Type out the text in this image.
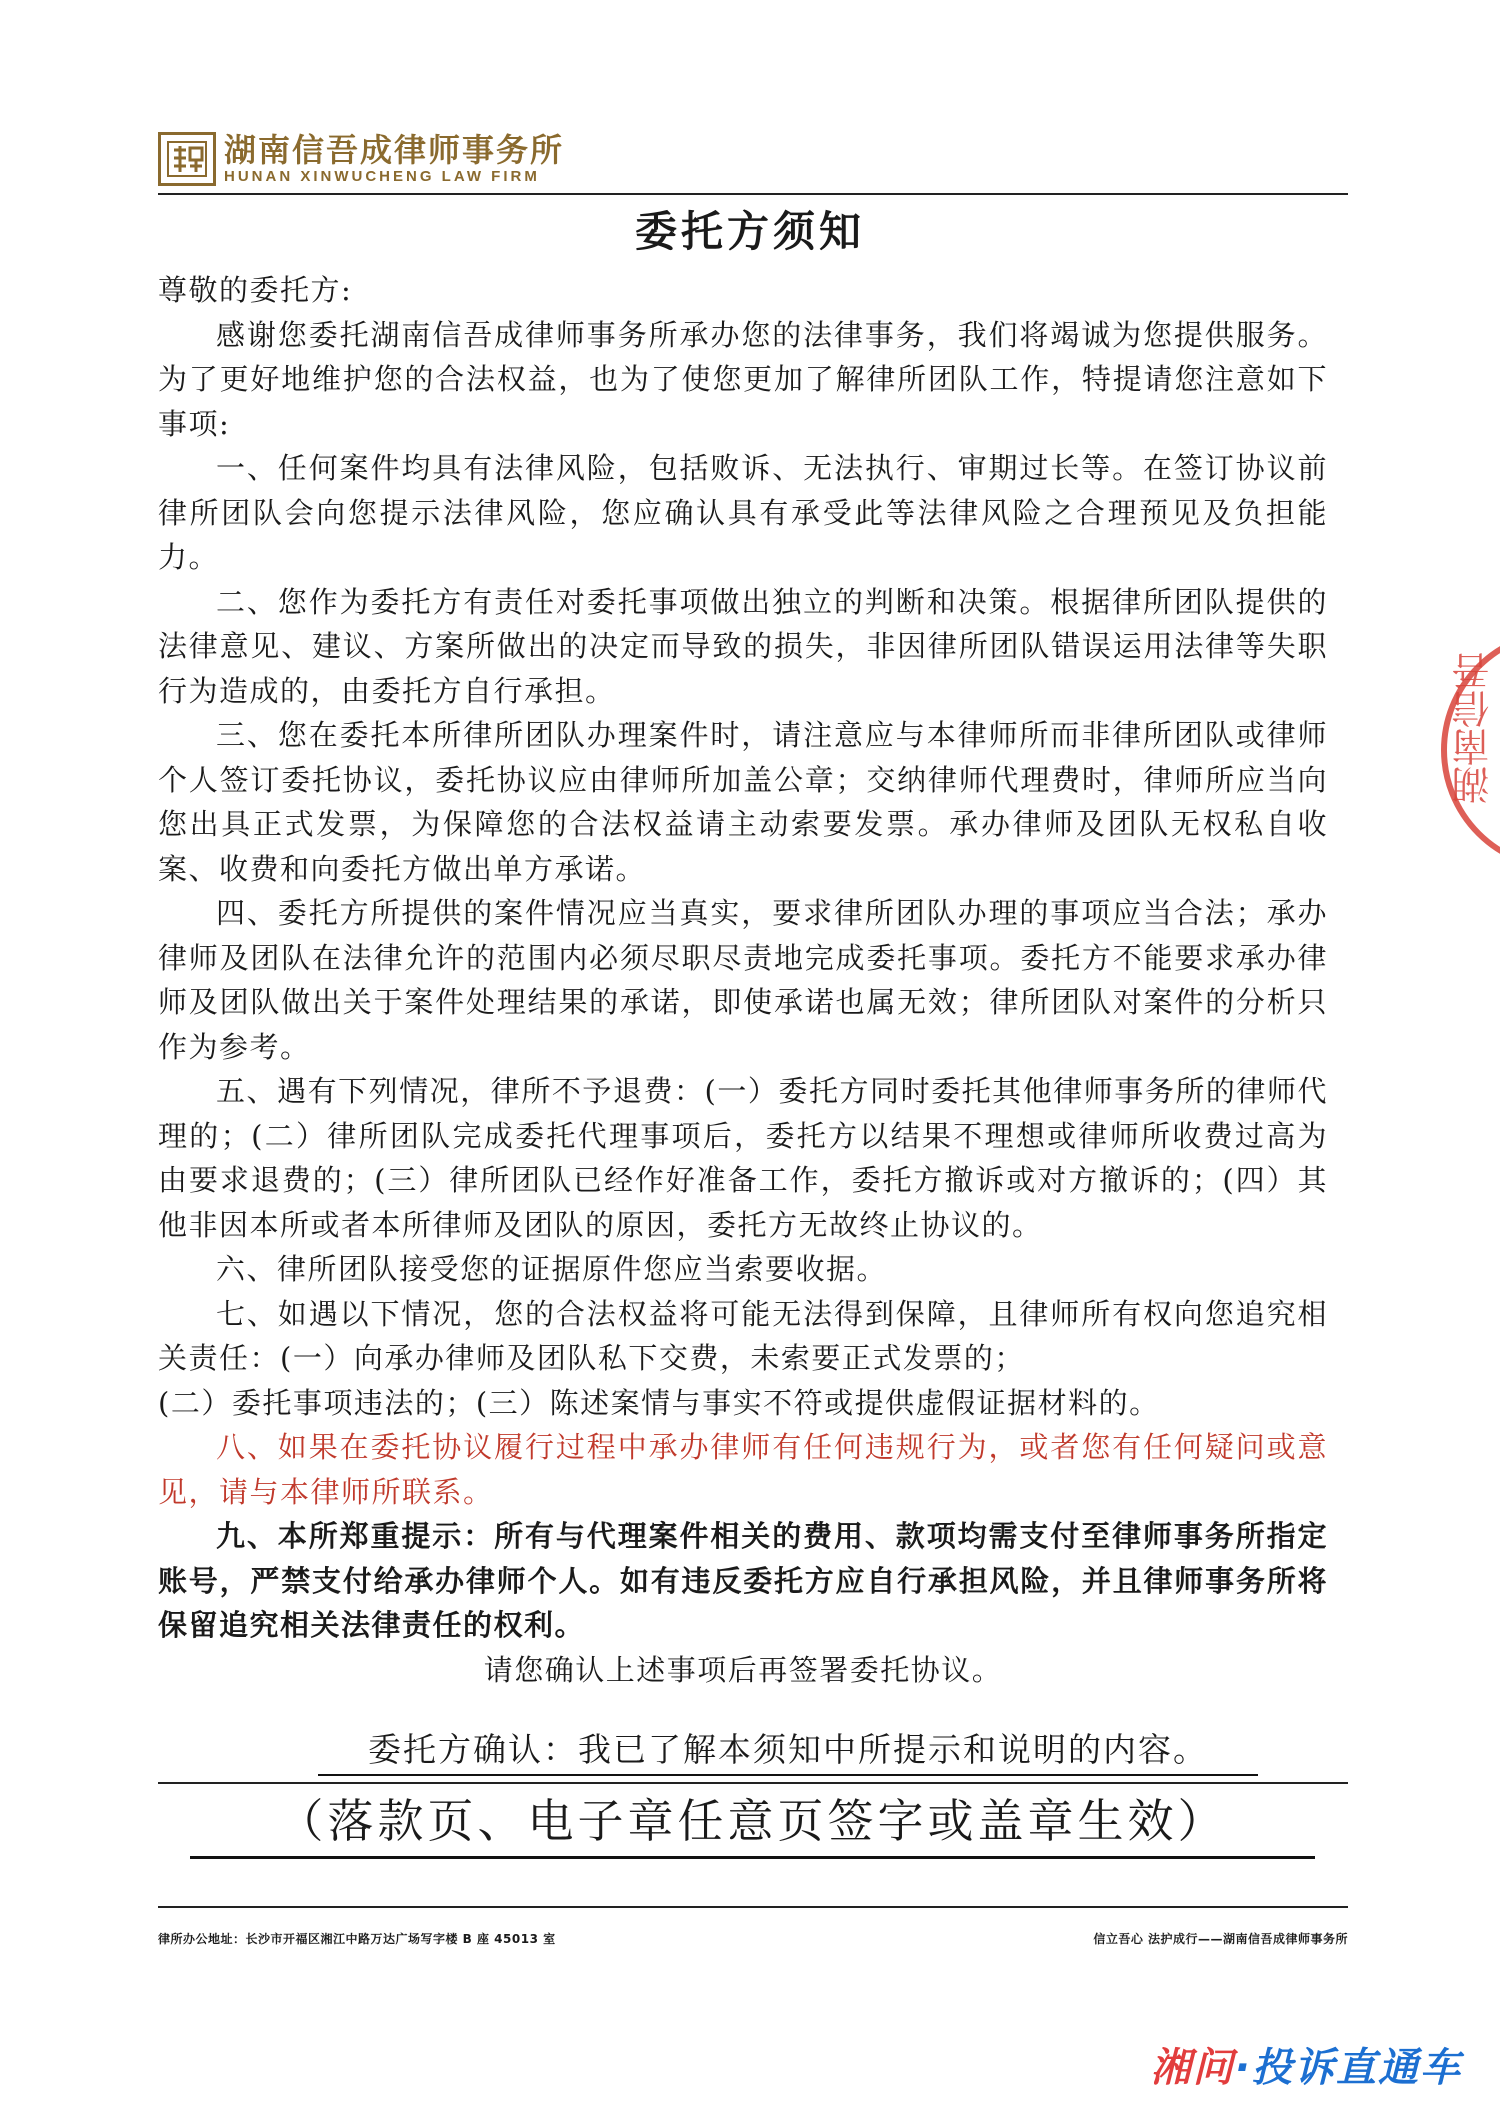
湖南信吾成律师事务所
HUNAN XINWUCHENG LAW FIRM
委托方须知

尊敬的委托方:

感谢您委托湖南信吾成律师事务所承办您的法律事务，我们将竭诚为您提供服务。为了更好地维护您的合法权益，也为了使您更加了解律所团队工作，特提请您注意如下事项:

一、任何案件均具有法律风险，包括败诉、无法执行、审期过长等。在签订协议前律所团队会向您提示法律风险，您应确认具有承受此等法律风险之合理预见及负担能力。

二、您作为委托方有责任对委托事项做出独立的判断和决策。根据律所团队提供的法律意见、建议、方案所做出的决定而导致的损失，非因律所团队错误运用法律等失职行为造成的，由委托方自行承担。

三、您在委托本所律所团队办理案件时，请注意应与本律师所而非律所团队或律师个人签订委托协议，委托协议应由律师所加盖公章；交纳律师代理费时，律师所应当向您出具正式发票，为保障您的合法权益请主动索要发票。承办律师及团队无权私自收案、收费和向委托方做出单方承诺。

四、委托方所提供的案件情况应当真实，要求律所团队办理的事项应当合法；承办律师及团队在法律允许的范围内必须尽职尽责地完成委托事项。委托方不能要求承办律师及团队做出关于案件处理结果的承诺，即使承诺也属无效；律所团队对案件的分析只作为参考。

五、遇有下列情况，律所不予退费：(一）委托方同时委托其他律师事务所的律师代理的；(二）律所团队完成委托代理事项后，委托方以结果不理想或律师所收费过高为由要求退费的；(三）律所团队已经作好准备工作，委托方撤诉或对方撤诉的；(四）其他非因本所或者本所律师及团队的原因，委托方无故终止协议的。

六、律所团队接受您的证据原件您应当索要收据。

七、如遇以下情况，您的合法权益将可能无法得到保障，且律师所有权向您追究相关责任：(一）向承办律师及团队私下交费，未索要正式发票的；

(二）委托事项违法的；(三）陈述案情与事实不符或提供虚假证据材料的。

八、如果在委托协议履行过程中承办律师有任何违规行为，或者您有任何疑问或意见，请与本律师所联系。

九、本所郑重提示：所有与代理案件相关的费用、款项均需支付至律师事务所指定账号，严禁支付给承办律师个人。如有违反委托方应自行承担风险，并且律师事务所将保留追究相关法律责任的权利。

请您确认上述事项后再签署委托协议。

委托方确认：我已了解本须知中所提示和说明的内容。
（落款页、电子章任意页签字或盖章生效）
律所办公地址：长沙市开福区湘江中路万达广场写字楼 B 座 45013 室	信立吾心 法护成行——湖南信吾成律师事务所
湖南信吾
湘问·投诉直通车
